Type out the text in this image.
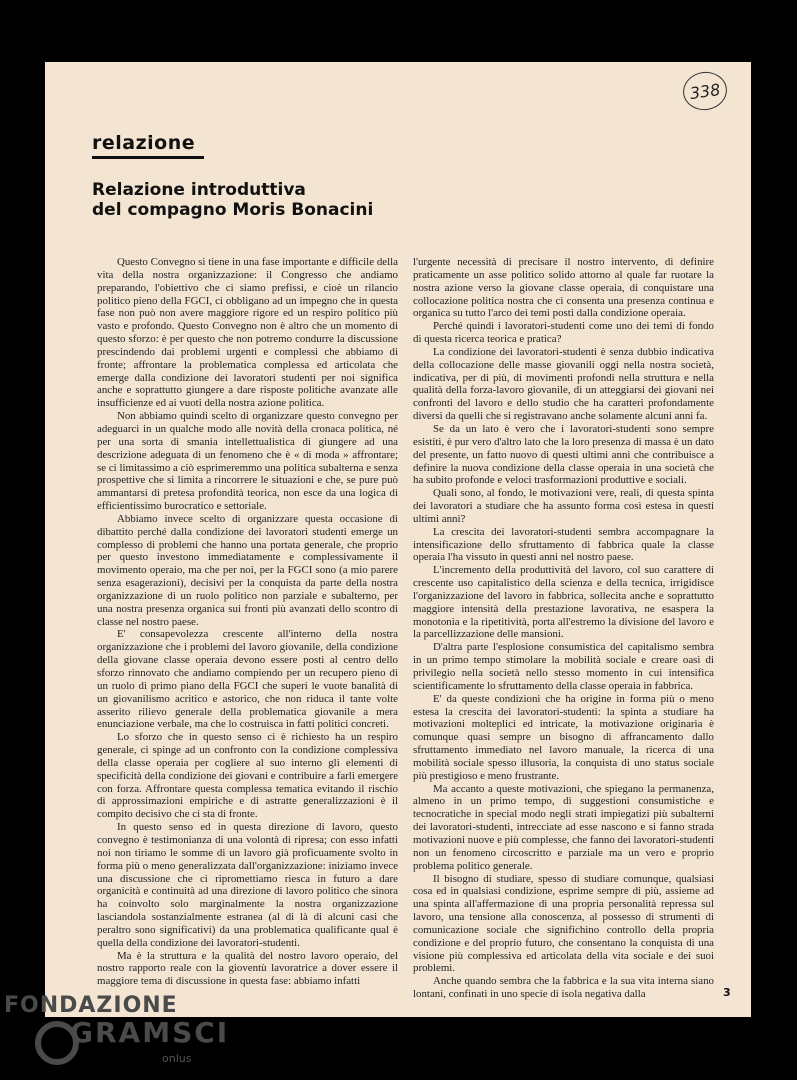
338
relazione
Relazione introduttiva
del compagno Moris Bonacini

Questo Convegno si tiene in una fase importante e difficile della vita della nostra organizzazione: il Congresso che andiamo preparando, l'obiettivo che ci siamo prefissi, e cioè un rilancio politico pieno della FGCI, ci obbligano ad un impegno che in questa fase non può non avere maggiore rigore ed un respiro politico più vasto e profondo. Questo Convegno non è altro che un momento di questo sforzo: è per questo che non potremo condurre la discussione prescindendo dai problemi urgenti e complessi che abbiamo di fronte; affrontare la problematica complessa ed articolata che emerge dalla condizione dei lavoratori studenti per noi significa anche e soprattutto giungere a dare risposte politiche avanzate alle insufficienze ed ai vuoti della nostra azione politica.

Non abbiamo quindi scelto di organizzare questo convegno per adeguarci in un qualche modo alle novità della cronaca politica, né per una sorta di smania intellettualistica di giungere ad una descrizione adeguata di un fenomeno che è « di moda » affrontare; se ci limitassimo a ciò esprimeremmo una politica subalterna e senza prospettive che si limita a rincorrere le situazioni e che, se pure può ammantarsi di pretesa profondità teorica, non esce da una logica di efficientissimo burocratico e settoriale.

Abbiamo invece scelto di organizzare questa occasione di dibattito perché dalla condizione dei lavoratori studenti emerge un complesso di problemi che hanno una portata generale, che proprio per questo investono immediatamente e complessivamente il movimento operaio, ma che per noi, per la FGCI sono (a mio parere senza esagerazioni), decisivi per la conquista da parte della nostra organizzazione di un ruolo politico non parziale e subalterno, per una nostra presenza organica sui fronti più avanzati dello scontro di classe nel nostro paese.

E' consapevolezza crescente all'interno della nostra organizzazione che i problemi del lavoro giovanile, della condizione della giovane classe operaia devono essere posti al centro dello sforzo rinnovato che andiamo compiendo per un recupero pieno di un ruolo di primo piano della FGCI che superi le vuote banalità di un giovanilismo acritico e astorico, che non riduca il tante volte asserito rilievo generale della problematica giovanile a mera enunciazione verbale, ma che lo costruisca in fatti politici concreti.

Lo sforzo che in questo senso ci è richiesto ha un respiro generale, ci spinge ad un confronto con la condizione complessiva della classe operaia per cogliere al suo interno gli elementi di specificità della condizione dei giovani e contribuire a farli emergere con forza. Affrontare questa complessa tematica evitando il rischio di approssimazioni empiriche e di astratte generalizzazioni è il compito decisivo che ci sta di fronte.

In questo senso ed in questa direzione di lavoro, questo convegno è testimonianza di una volontà di ripresa; con esso infatti noi non tiriamo le somme di un lavoro già proficuamente svolto in forma più o meno generalizzata dall'organizzazione: iniziamo invece una discussione che ci ripromettiamo riesca in futuro a dare organicità e continuità ad una direzione di lavoro politico che sinora ha coinvolto solo marginalmente la nostra organizzazione lasciandola sostanzialmente estranea (al di là di alcuni casi che peraltro sono significativi) da una problematica qualificante qual è quella della condizione dei lavoratori-studenti.

Ma è la struttura e la qualità del nostro lavoro operaio, del nostro rapporto reale con la gioventù lavoratrice a dover essere il maggiore tema di discussione in questa fase: abbiamo infatti

l'urgente necessità di precisare il nostro intervento, di definire praticamente un asse politico solido attorno al quale far ruotare la nostra azione verso la giovane classe operaia, di conquistare una collocazione politica nostra che ci consenta una presenza continua e organica su tutto l'arco dei temi posti dalla condizione operaia.

Perché quindi i lavoratori-studenti come uno dei temi di fondo di questa ricerca teorica e pratica?

La condizione dei lavoratori-studenti è senza dubbio indicativa della collocazione delle masse giovanili oggi nella nostra società, indicativa, per di più, di movimenti profondi nella struttura e nella qualità della forza-lavoro giovanile, di un atteggiarsi dei giovani nei confronti del lavoro e dello studio che ha caratteri profondamente diversi da quelli che si registravano anche solamente alcuni anni fa.

Se da un lato è vero che i lavoratori-studenti sono sempre esistiti, è pur vero d'altro lato che la loro presenza di massa è un dato del presente, un fatto nuovo di questi ultimi anni che contribuisce a definire la nuova condizione della classe operaia in una società che ha subìto profonde e veloci trasformazioni produttive e sociali.

Quali sono, al fondo, le motivazioni vere, reali, di questa spinta dei lavoratori a studiare che ha assunto forma così estesa in questi ultimi anni?

La crescita dei lavoratori-studenti sembra accompagnare la intensificazione dello sfruttamento di fabbrica quale la classe operaia l'ha vissuto in questi anni nel nostro paese.

L'incremento della produttività del lavoro, col suo carattere di crescente uso capitalistico della scienza e della tecnica, irrigidisce l'organizzazione del lavoro in fabbrica, sollecita anche e soprattutto maggiore intensità della prestazione lavorativa, ne esaspera la monotonia e la ripetitività, porta all'estremo la divisione del lavoro e la parcellizzazione delle mansioni.

D'altra parte l'esplosione consumistica del capitalismo sembra in un primo tempo stimolare la mobilità sociale e creare oasi di privilegio nella società nello stesso momento in cui intensifica scientificamente lo sfruttamento della classe operaia in fabbrica.

E' da queste condizioni che ha origine in forma più o meno estesa la crescita dei lavoratori-studenti: la spinta a studiare ha motivazioni molteplici ed intricate, la motivazione originaria è comunque quasi sempre un bisogno di affrancamento dallo sfruttamento immediato nel lavoro manuale, la ricerca di una mobilità sociale spesso illusoria, la conquista di uno status sociale più prestigioso e meno frustrante.

Ma accanto a queste motivazioni, che spiegano la permanenza, almeno in un primo tempo, di suggestioni consumistiche e tecnocratiche in special modo negli strati impiegatizi più subalterni dei lavoratori-studenti, intrecciate ad esse nascono e si fanno strada motivazioni nuove e più complesse, che fanno dei lavoratori-studenti non un fenomeno circoscritto e parziale ma un vero e proprio problema politico generale.

Il bisogno di studiare, spesso di studiare comunque, qualsiasi cosa ed in qualsiasi condizione, esprime sempre di più, assieme ad una spinta all'affermazione di una propria personalità repressa sul lavoro, una tensione alla conoscenza, al possesso di strumenti di comunicazione sociale che significhino controllo della propria condizione e del proprio futuro, che consentano la conquista di una visione più complessiva ed articolata della vita sociale e dei suoi problemi.

Anche quando sembra che la fabbrica e la sua vita interna siano lontani, confinati in uno specie di isola negativa dalla	3
FONDAZIONE
GRAMSCI
onlus
